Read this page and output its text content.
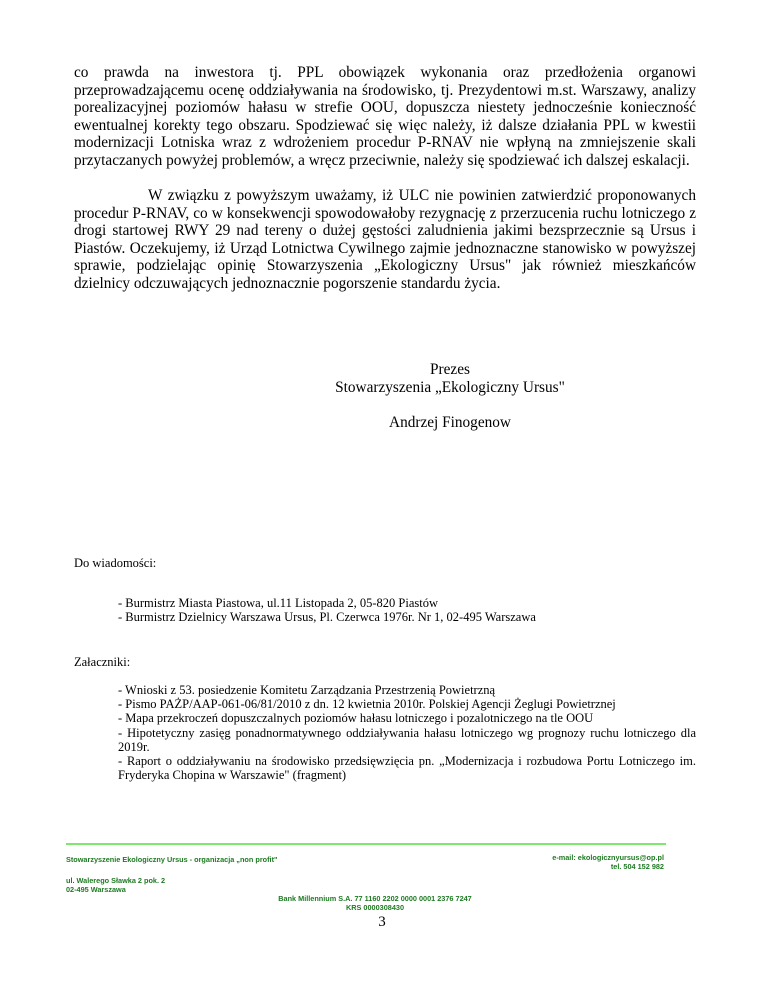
co prawda na inwestora tj. PPL obowiązek wykonania oraz przedłożenia organowi przeprowadzającemu ocenę oddziaływania na środowisko, tj. Prezydentowi m.st. Warszawy, analizy porealizacyjnej poziomów hałasu w strefie OOU, dopuszcza niestety jednocześnie konieczność ewentualnej korekty tego obszaru. Spodziewać się więc należy, iż dalsze działania PPL w kwestii modernizacji Lotniska wraz z wdrożeniem procedur P-RNAV nie wpłyną na zmniejszenie skali przytaczanych powyżej problemów, a wręcz przeciwnie, należy się spodziewać ich dalszej eskalacji.

W związku z powyższym uważamy, iż ULC nie powinien zatwierdzić proponowanych procedur P-RNAV, co w konsekwencji spowodowałoby rezygnację z przerzucenia ruchu lotniczego z drogi startowej RWY 29 nad tereny o dużej gęstości zaludnienia jakimi bezsprzecznie są Ursus i Piastów. Oczekujemy, iż Urząd Lotnictwa Cywilnego zajmie jednoznaczne stanowisko w powyższej sprawie, podzielając opinię Stowarzyszenia „Ekologiczny Ursus" jak również mieszkańców dzielnicy odczuwających jednoznacznie pogorszenie standardu życia.

Prezes
Stowarzyszenia „Ekologiczny Ursus"
Andrzej Finogenow
Do wiadomości:
- Burmistrz Miasta Piastowa, ul.11 Listopada 2, 05-820 Piastów
- Burmistrz Dzielnicy Warszawa Ursus, Pl. Czerwca 1976r. Nr 1, 02-495 Warszawa
Załaczniki:
- Wnioski z 53. posiedzenie Komitetu Zarządzania Przestrzenią Powietrzną
- Pismo PAŻP/AAP-061-06/81/2010 z dn. 12 kwietnia 2010r. Polskiej Agencji Żeglugi Powietrznej
- Mapa przekroczeń dopuszczalnych poziomów hałasu lotniczego i pozalotniczego na tle OOU
- Hipotetyczny zasięg ponadnormatywnego oddziaływania hałasu lotniczego wg prognozy ruchu lotniczego dla 2019r.
- Raport o oddziaływaniu na środowisko przedsięwzięcia pn. „Modernizacja i rozbudowa Portu Lotniczego im. Fryderyka Chopina w Warszawie" (fragment)
Stowarzyszenie Ekologiczny Ursus - organizacja „non profit"	e-mail: ekologicznyursus@op.pl
tel. 504 152 982
ul. Walerego Sławka 2 pok. 2
02-495 Warszawa
Bank Millennium S.A. 77 1160 2202 0000 0001 2376 7247
KRS 0000308430
3
